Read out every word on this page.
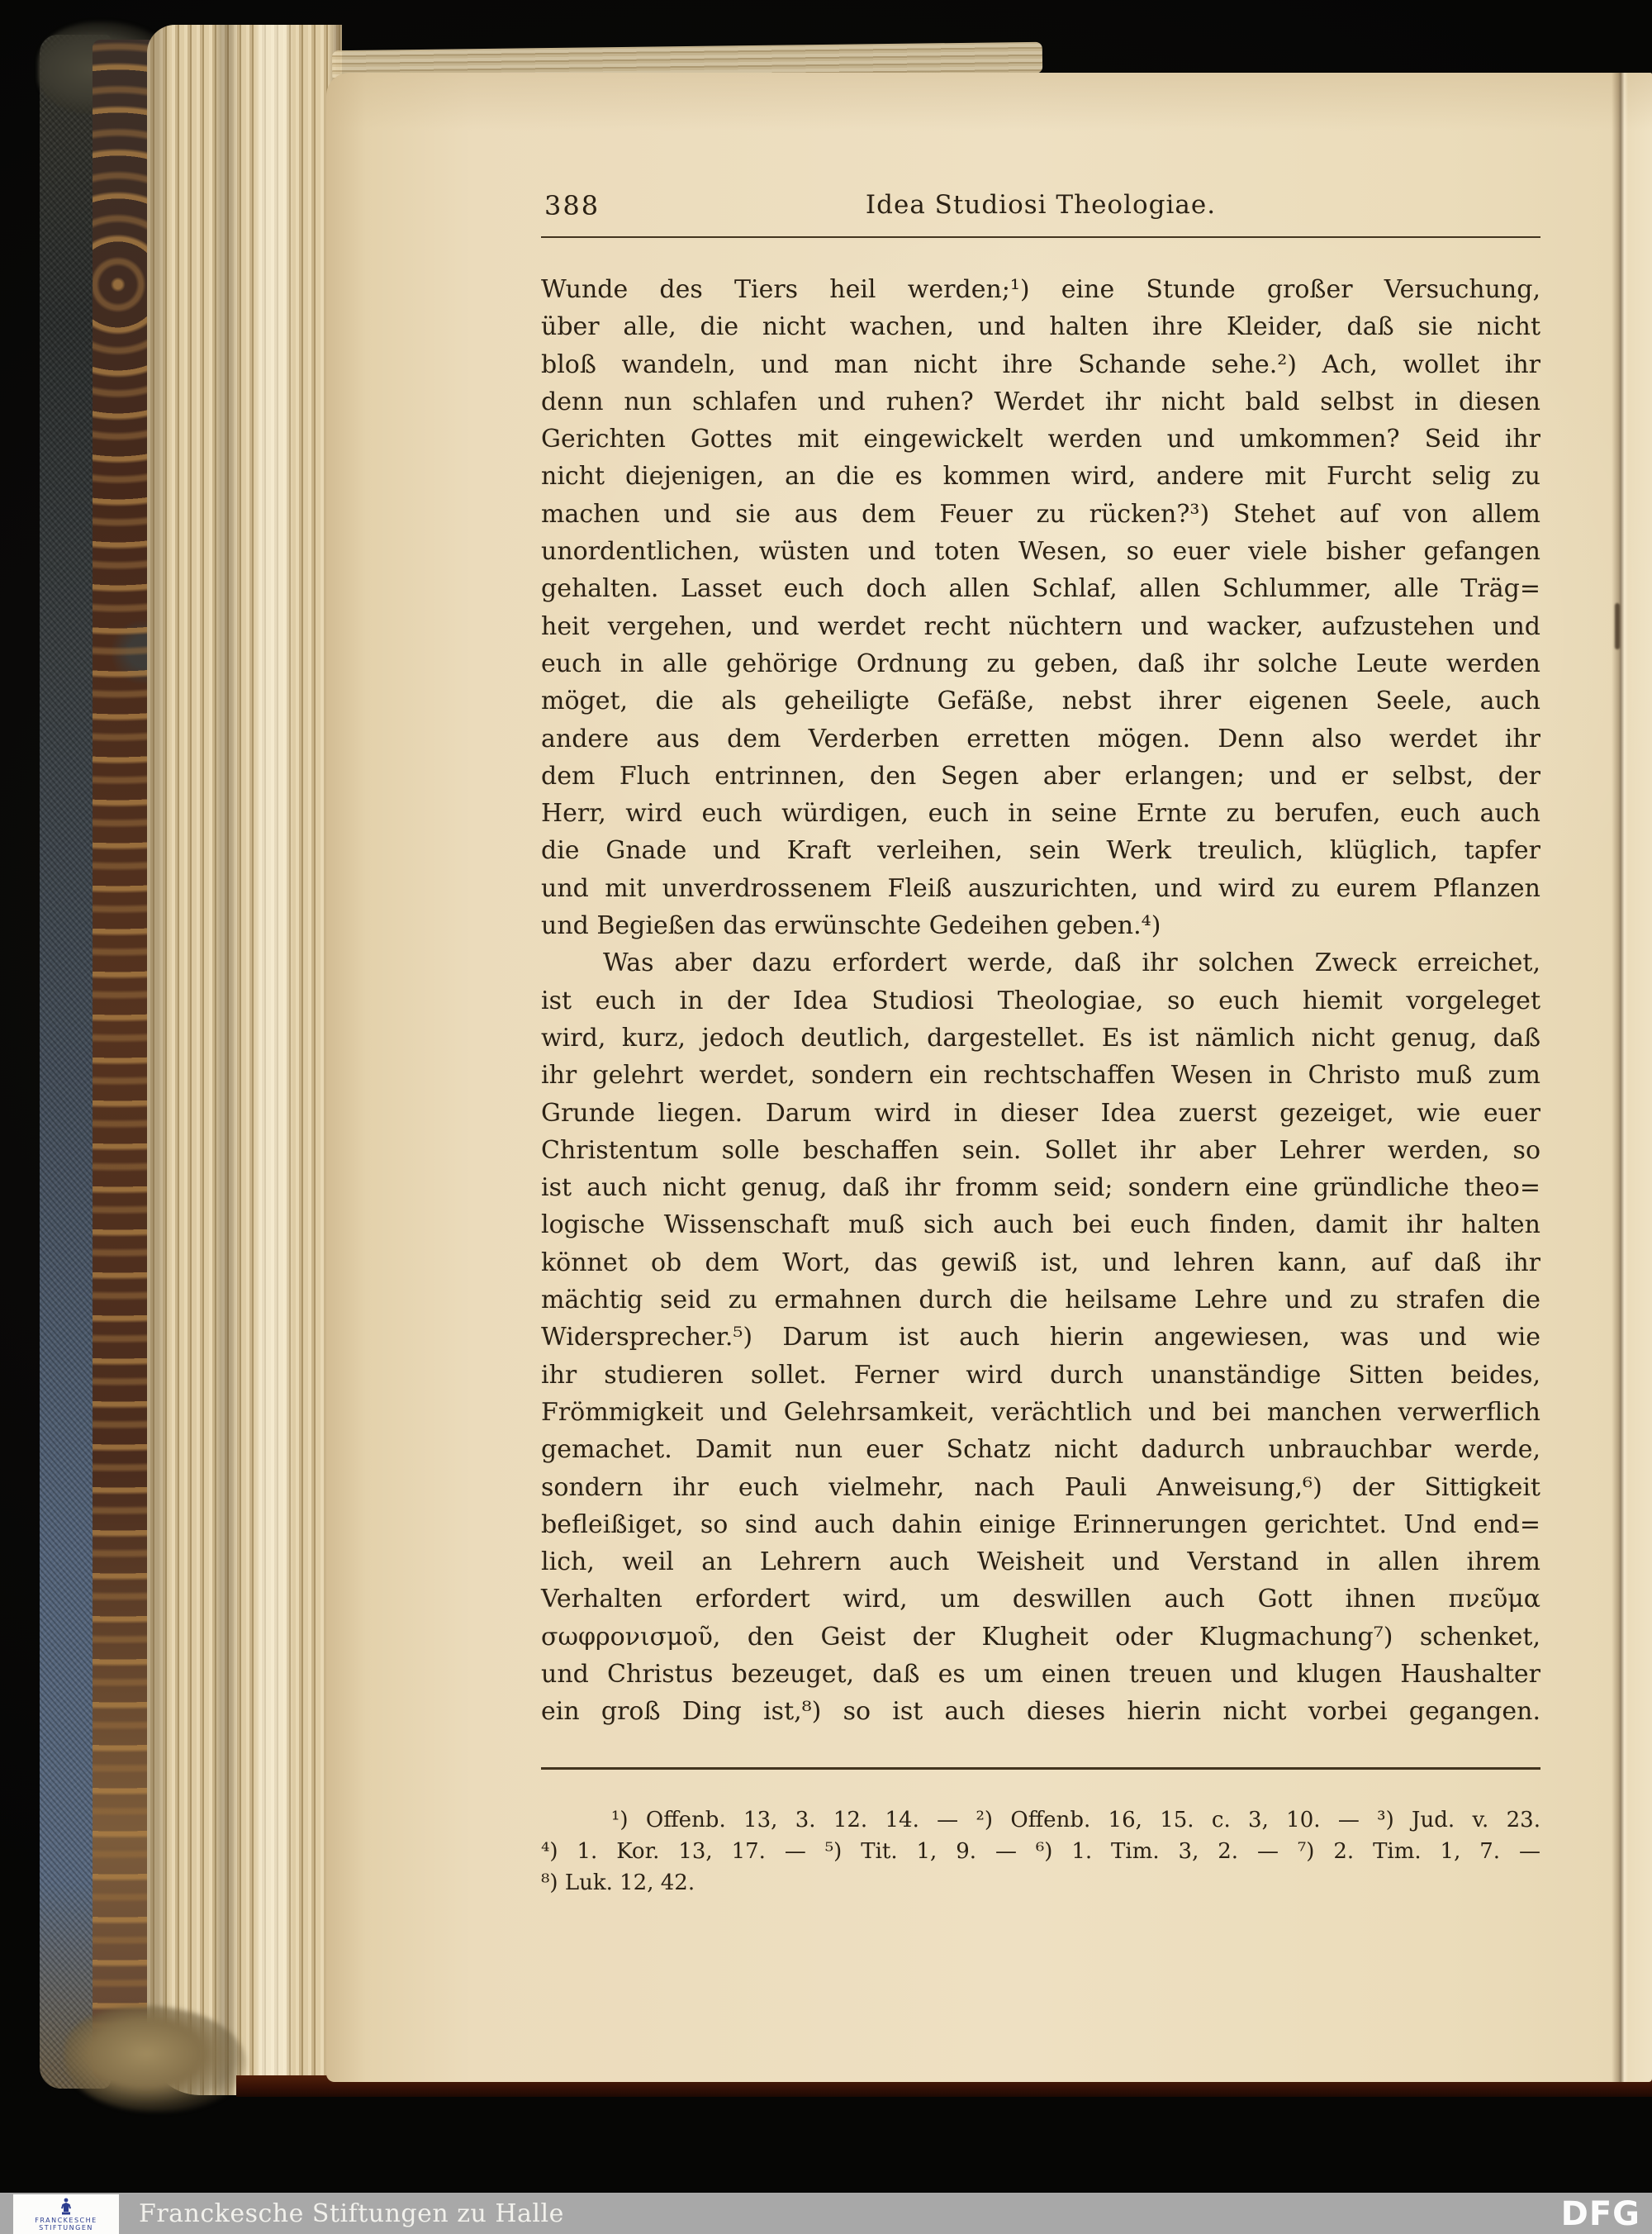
388	Idea Studiosi Theologiae.
Wunde des Tiers heil werden;¹) eine Stunde großer Versuchung,
über alle, die nicht wachen, und halten ihre Kleider, daß sie nicht
bloß wandeln, und man nicht ihre Schande sehe.²) Ach, wollet ihr
denn nun schlafen und ruhen? Werdet ihr nicht bald selbst in diesen
Gerichten Gottes mit eingewickelt werden und umkommen? Seid ihr
nicht diejenigen, an die es kommen wird, andere mit Furcht selig zu
machen und sie aus dem Feuer zu rücken?³) Stehet auf von allem
unordentlichen, wüsten und toten Wesen, so euer viele bisher gefangen
gehalten. Lasset euch doch allen Schlaf, allen Schlummer, alle Träg=
heit vergehen, und werdet recht nüchtern und wacker, aufzustehen und
euch in alle gehörige Ordnung zu geben, daß ihr solche Leute werden
möget, die als geheiligte Gefäße, nebst ihrer eigenen Seele, auch
andere aus dem Verderben erretten mögen. Denn also werdet ihr
dem Fluch entrinnen, den Segen aber erlangen; und er selbst, der
Herr, wird euch würdigen, euch in seine Ernte zu berufen, euch auch
die Gnade und Kraft verleihen, sein Werk treulich, klüglich, tapfer
und mit unverdrossenem Fleiß auszurichten, und wird zu eurem Pflanzen
und Begießen das erwünschte Gedeihen geben.⁴)
Was aber dazu erfordert werde, daß ihr solchen Zweck erreichet,
ist euch in der Idea Studiosi Theologiae, so euch hiemit vorgeleget
wird, kurz, jedoch deutlich, dargestellet. Es ist nämlich nicht genug, daß
ihr gelehrt werdet, sondern ein rechtschaffen Wesen in Christo muß zum
Grunde liegen. Darum wird in dieser Idea zuerst gezeiget, wie euer
Christentum solle beschaffen sein. Sollet ihr aber Lehrer werden, so
ist auch nicht genug, daß ihr fromm seid; sondern eine gründliche theo=
logische Wissenschaft muß sich auch bei euch finden, damit ihr halten
könnet ob dem Wort, das gewiß ist, und lehren kann, auf daß ihr
mächtig seid zu ermahnen durch die heilsame Lehre und zu strafen die
Widersprecher.⁵) Darum ist auch hierin angewiesen, was und wie
ihr studieren sollet. Ferner wird durch unanständige Sitten beides,
Frömmigkeit und Gelehrsamkeit, verächtlich und bei manchen verwerflich
gemachet. Damit nun euer Schatz nicht dadurch unbrauchbar werde,
sondern ihr euch vielmehr, nach Pauli Anweisung,⁶) der Sittigkeit
befleißiget, so sind auch dahin einige Erinnerungen gerichtet. Und end=
lich, weil an Lehrern auch Weisheit und Verstand in allen ihrem
Verhalten erfordert wird, um deswillen auch Gott ihnen πνεῦμα
σωφρονισμοῦ, den Geist der Klugheit oder Klugmachung⁷) schenket,
und Christus bezeuget, daß es um einen treuen und klugen Haushalter
ein groß Ding ist,⁸) so ist auch dieses hierin nicht vorbei gegangen.
¹) Offenb. 13, 3. 12. 14. — ²) Offenb. 16, 15. c. 3, 10. — ³) Jud. v. 23.
⁴) 1. Kor. 13, 17. — ⁵) Tit. 1, 9. — ⁶) 1. Tim. 3, 2. — ⁷) 2. Tim. 1, 7. —
⁸) Luk. 12, 42.
FRANCKESCHE
STIFTUNGEN Franckesche Stiftungen zu Halle	DFG
